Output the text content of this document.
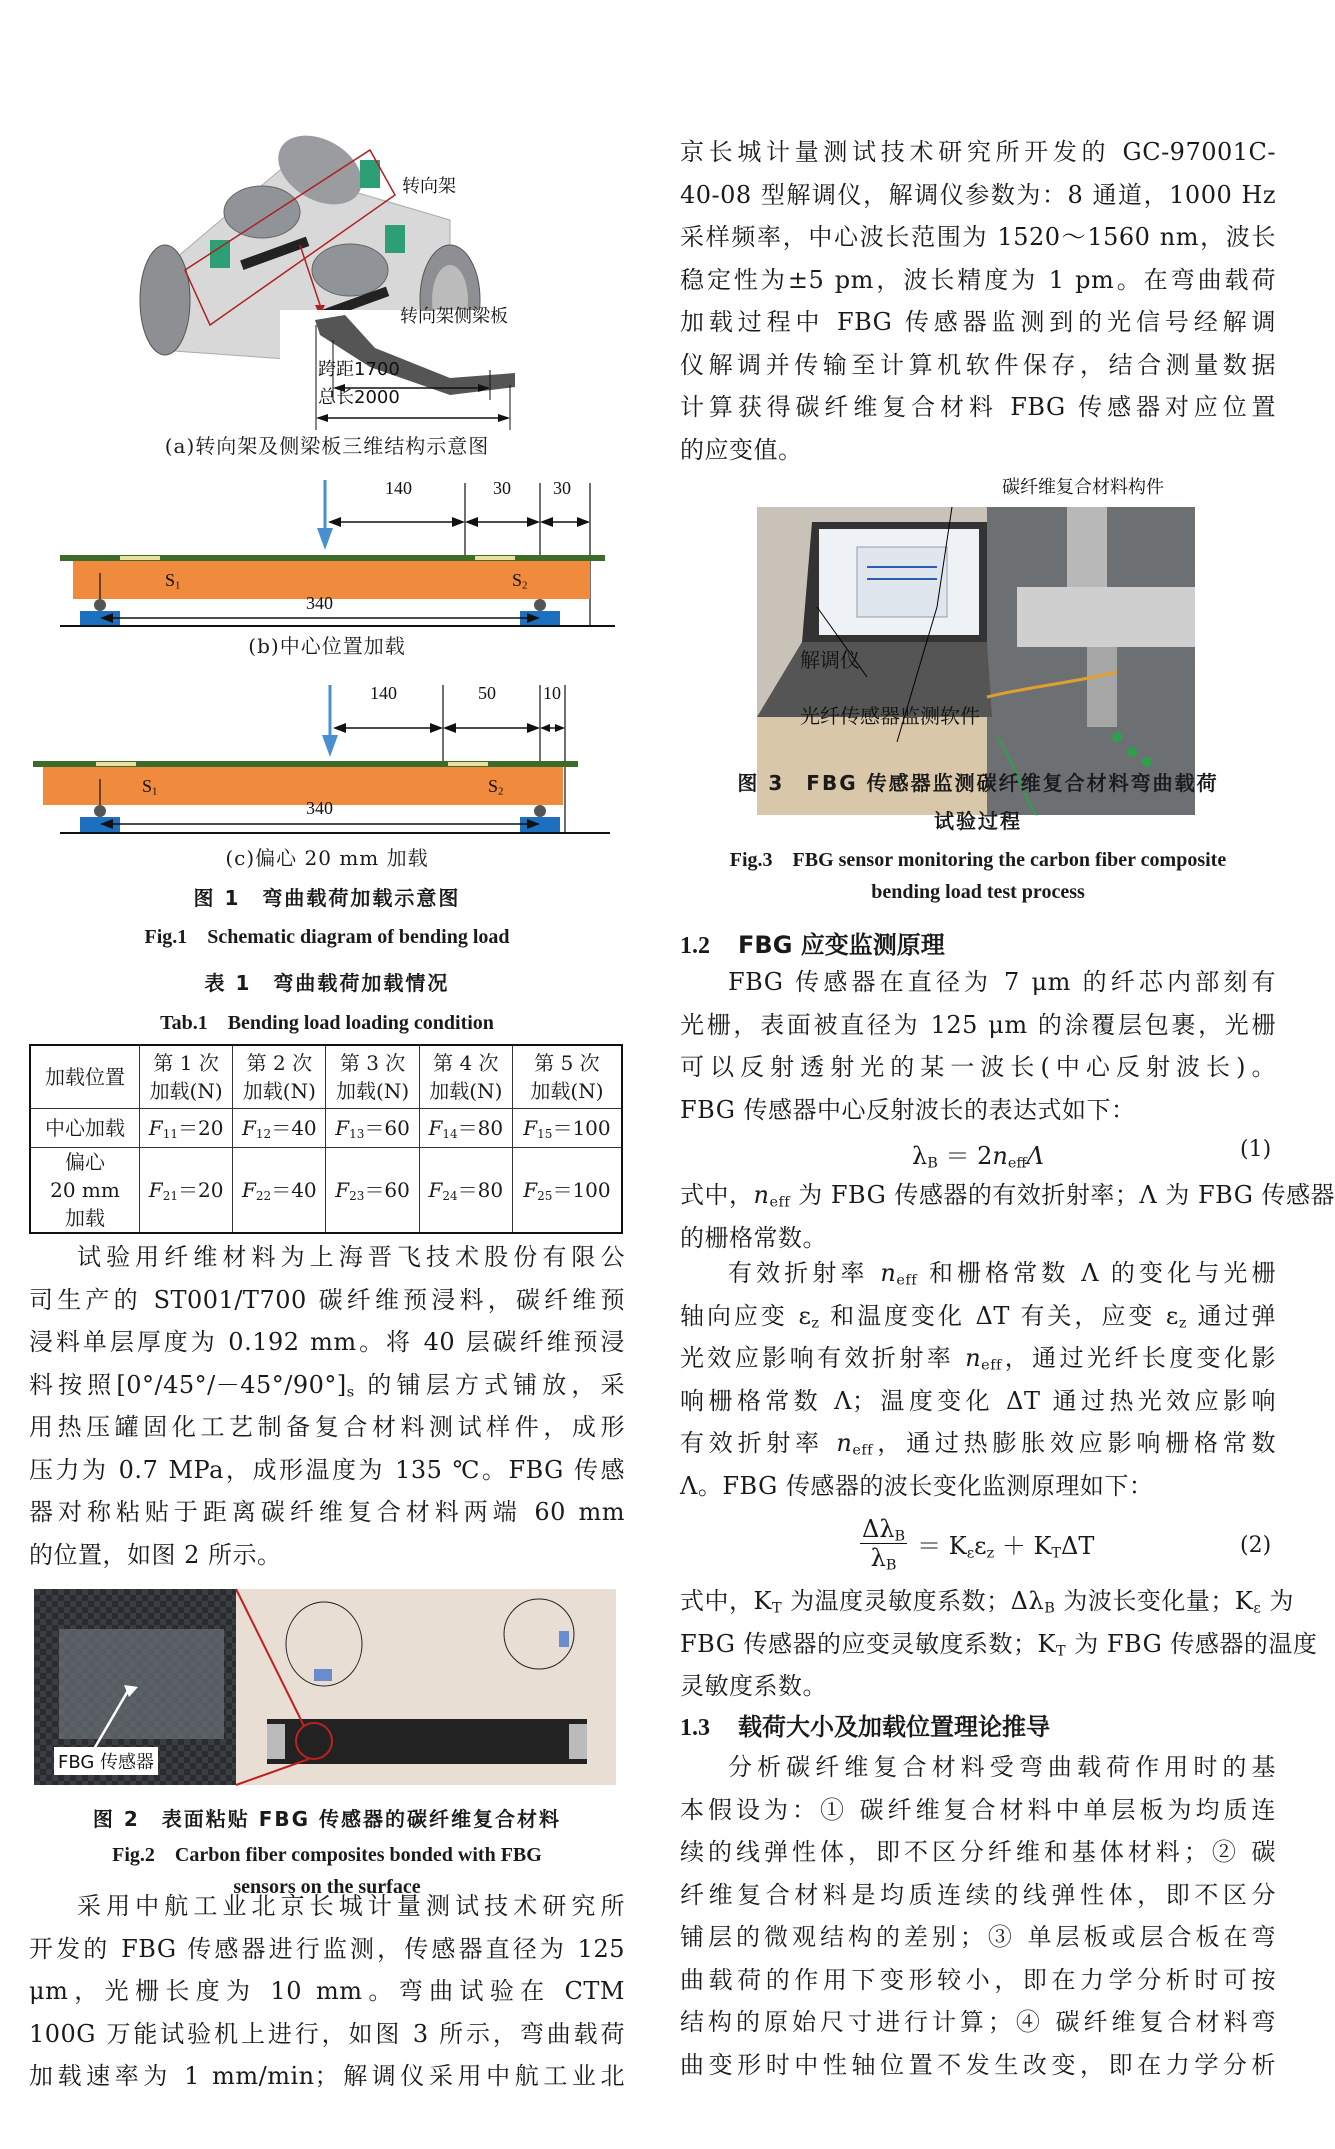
转向架
转向架侧梁板
跨距1700
总长2000
(a)转向架及侧梁板三维结构示意图
140	30 30
$S_1$	$S_2$
340
(b)中心位置加载
140	50	10
$S_1$	$S_2$
340
(c)偏心 20 mm 加载
图 1　弯曲载荷加载示意图
Fig.1　Schematic diagram of bending load
表 1　弯曲载荷加载情况
Tab.1　Bending load loading condition
加载位置	
第 1 次
加载(N)

第 2 次
加载(N)

第 3 次
加载(N)

第 4 次
加载(N)

第 5 次
加载(N)

中心加载	$F_{11}=20$	$F_{12}=40$	$F_{13}=60$	$F_{14}=80$	$F_{15}=100$

偏心
20 mm
加载
	$F_{21}=20$	$F_{22}=40$	$F_{23}=60$	$F_{24}=80$	$F_{25}=100$
试验用纤维材料为上海晋飞技术股份有限公
司生产的 ST001/T700 碳纤维预浸料，碳纤维预
浸料单层厚度为 0.192 mm。将 40 层碳纤维预浸
料按照$[0^\circ/45^\circ/-45^\circ/90^\circ]_s$ 的铺层方式铺放，采
用热压罐固化工艺制备复合材料测试样件，成形
压力为 0.7 MPa，成形温度为 135 ℃。FBG 传感
器对称粘贴于距离碳纤维复合材料两端 60 mm
的位置，如图 2 所示。
FBG 传感器
图 2　表面粘贴 FBG 传感器的碳纤维复合材料
Fig.2　Carbon fiber composites bonded with FBG
sensors on the surface
采用中航工业北京长城计量测试技术研究所
开发的 FBG 传感器进行监测，传感器直径为 125
μm，光栅长度为 10 mm。弯曲试验在 CTM
100G 万能试验机上进行，如图 3 所示，弯曲载荷
加载速率为 1 mm/min；解调仪采用中航工业北
京长城计量测试技术研究所开发的 GC-97001C-
40-08 型解调仪，解调仪参数为：8 通道，1000 Hz
采样频率，中心波长范围为 1520～1560 nm，波长
稳定性为±5 pm，波长精度为 1 pm。在弯曲载荷
加载过程中 FBG 传感器监测到的光信号经解调
仪解调并传输至计算机软件保存，结合测量数据
计算获得碳纤维复合材料 FBG 传感器对应位置
的应变值。
碳纤维复合材料构件
解调仪
光纤传感器监测软件
图 3　FBG 传感器监测碳纤维复合材料弯曲载荷
试验过程
Fig.3　FBG sensor monitoring the carbon fiber composite
bending load test process
1.2 FBG 应变监测原理
FBG 传感器在直径为 7 μm 的纤芯内部刻有
光栅，表面被直径为 125 μm 的涂覆层包裹，光栅
可以反射透射光的某一波长(中心反射波长)。
FBG 传感器中心反射波长的表达式如下：
$\lambda_B = 2n_{eff}\Lambda$	(1)
式中，$n_{eff}$ 为 FBG 传感器的有效折射率；Λ 为 FBG 传感器
的栅格常数。
有效折射率 $n_{eff}$ 和栅格常数 Λ 的变化与光栅
轴向应变 $\varepsilon_z$ 和温度变化 ΔT 有关，应变 $\varepsilon_z$ 通过弹
光效应影响有效折射率 $n_{eff}$，通过光纤长度变化影
响栅格常数 Λ；温度变化 ΔT 通过热光效应影响
有效折射率 $n_{eff}$，通过热膨胀效应影响栅格常数
Λ。FBG 传感器的波长变化监测原理如下：
$\Delta\lambda_B$
$\lambda_B$
＝ $K_\varepsilon\varepsilon_z + K_T\Delta T$	(2)
式中，$K_T$ 为温度灵敏度系数；$\Delta\lambda_B$ 为波长变化量；$K_\varepsilon$ 为
FBG 传感器的应变灵敏度系数；$K_T$ 为 FBG 传感器的温度
灵敏度系数。
1.3 载荷大小及加载位置理论推导
分析碳纤维复合材料受弯曲载荷作用时的基
本假设为：① 碳纤维复合材料中单层板为均质连
续的线弹性体，即不区分纤维和基体材料；② 碳
纤维复合材料是均质连续的线弹性体，即不区分
铺层的微观结构的差别；③ 单层板或层合板在弯
曲载荷的作用下变形较小，即在力学分析时可按
结构的原始尺寸进行计算；④ 碳纤维复合材料弯
曲变形时中性轴位置不发生改变，即在力学分析
